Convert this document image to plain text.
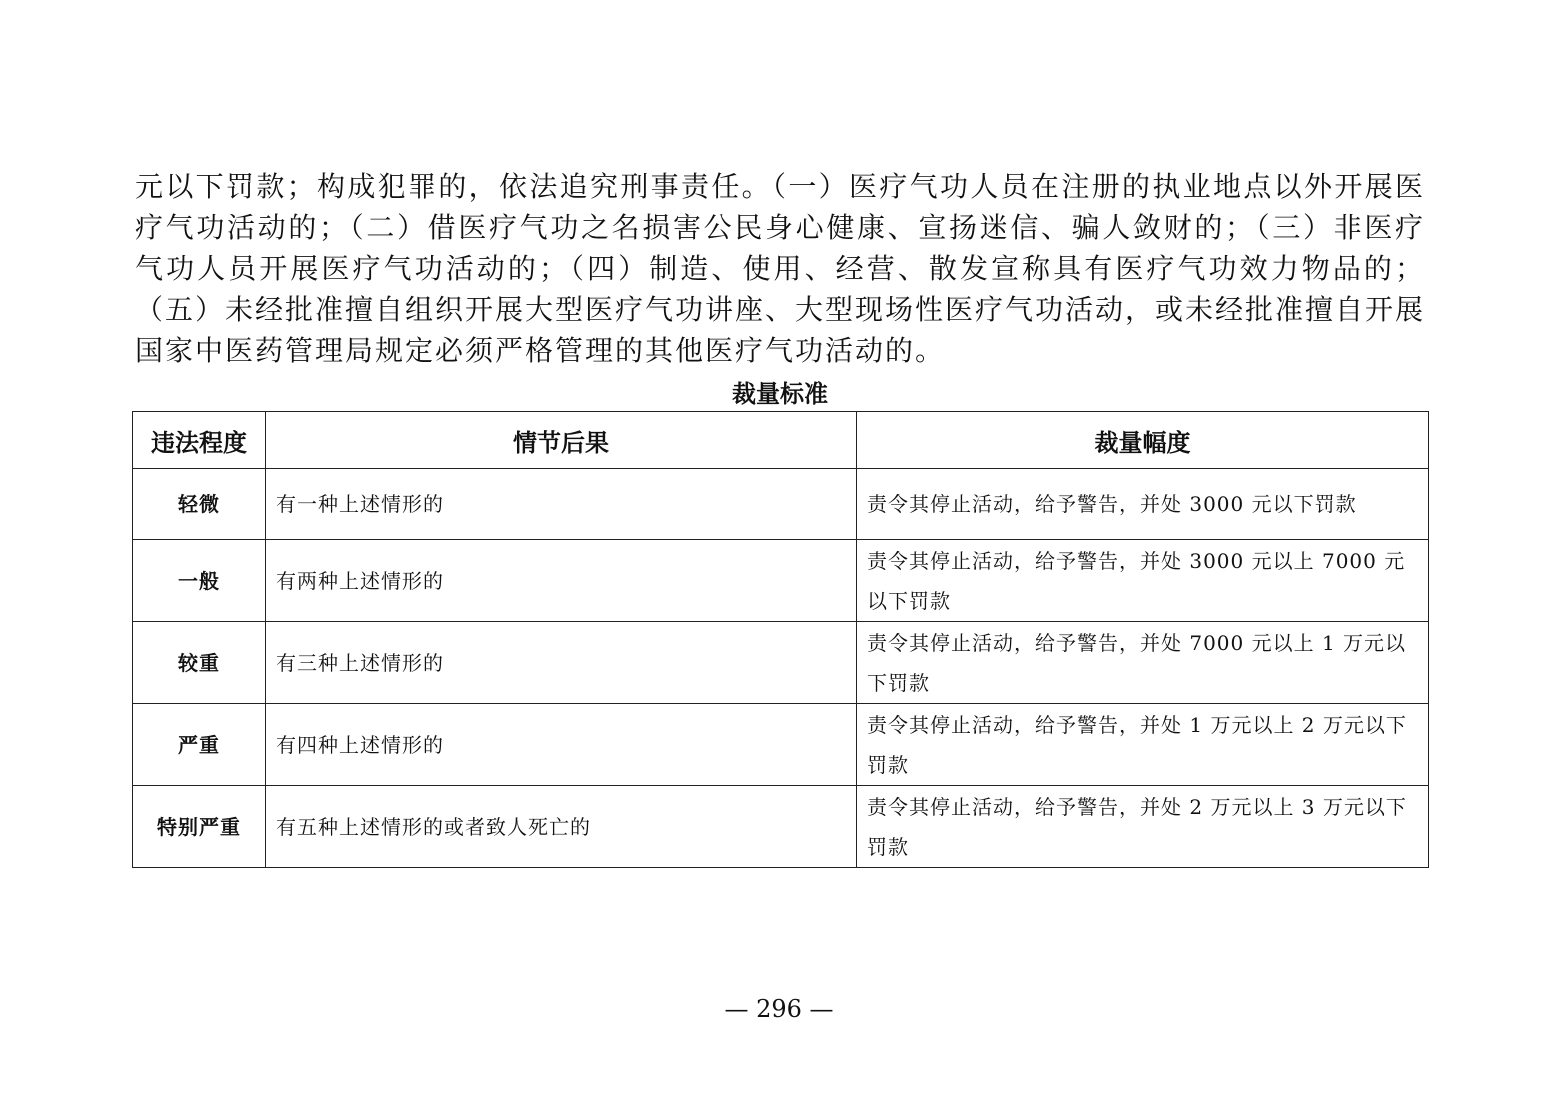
元以下罚款；构成犯罪的，依法追究刑事责任。（一）医疗气功人员在注册的执业地点以外开展医疗气功活动的；（二）借医疗气功之名损害公民身心健康、宣扬迷信、骗人敛财的；（三）非医疗气功人员开展医疗气功活动的；（四）制造、使用、经营、散发宣称具有医疗气功效力物品的；（五）未经批准擅自组织开展大型医疗气功讲座、大型现场性医疗气功活动，或未经批准擅自开展国家中医药管理局规定必须严格管理的其他医疗气功活动的。

裁量标准
违法程度	情节后果	裁量幅度
轻微	有一种上述情形的	责令其停止活动，给予警告，并处 3000 元以下罚款
一般	有两种上述情形的	责令其停止活动，给予警告，并处 3000 元以上 7000 元以下罚款
较重	有三种上述情形的	责令其停止活动，给予警告，并处 7000 元以上 1 万元以下罚款
严重	有四种上述情形的	责令其停止活动，给予警告，并处 1 万元以上 2 万元以下罚款
特别严重	有五种上述情形的或者致人死亡的	责令其停止活动，给予警告，并处 2 万元以上 3 万元以下罚款
— 296 —
